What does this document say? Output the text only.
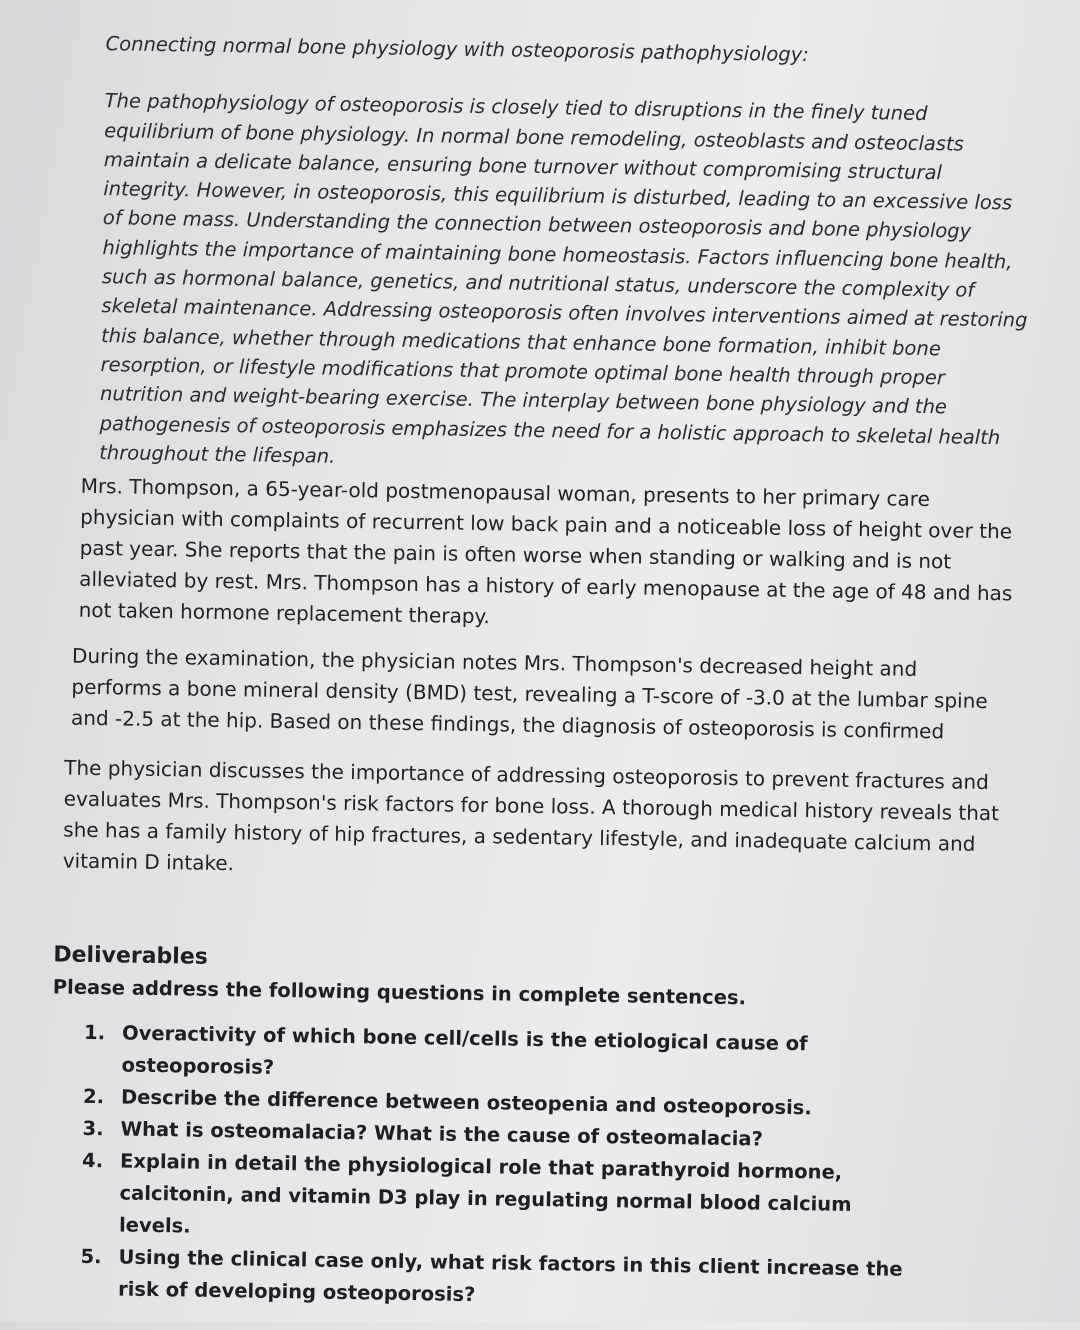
Connecting normal bone physiology with osteoporosis pathophysiology:

The pathophysiology of osteoporosis is closely tied to disruptions in the finely tuned equilibrium of bone physiology. In normal bone remodeling, osteoblasts and osteoclasts maintain a delicate balance, ensuring bone turnover without compromising structural integrity. However, in osteoporosis, this equilibrium is disturbed, leading to an excessive loss of bone mass. Understanding the connection between osteoporosis and bone physiology highlights the importance of maintaining bone homeostasis. Factors influencing bone health, such as hormonal balance, genetics, and nutritional status, underscore the complexity of skeletal maintenance. Addressing osteoporosis often involves interventions aimed at restoring this balance, whether through medications that enhance bone formation, inhibit bone resorption, or lifestyle modifications that promote optimal bone health through proper nutrition and weight-bearing exercise. The interplay between bone physiology and the pathogenesis of osteoporosis emphasizes the need for a holistic approach to skeletal health throughout the lifespan.

Mrs. Thompson, a 65-year-old postmenopausal woman, presents to her primary care physician with complaints of recurrent low back pain and a noticeable loss of height over the past year. She reports that the pain is often worse when standing or walking and is not alleviated by rest. Mrs. Thompson has a history of early menopause at the age of 48 and has not taken hormone replacement therapy.

During the examination, the physician notes Mrs. Thompson's decreased height and performs a bone mineral density (BMD) test, revealing a T-score of -3.0 at the lumbar spine and -2.5 at the hip. Based on these findings, the diagnosis of osteoporosis is confirmed

The physician discusses the importance of addressing osteoporosis to prevent fractures and evaluates Mrs. Thompson's risk factors for bone loss. A thorough medical history reveals that she has a family history of hip fractures, a sedentary lifestyle, and inadequate calcium and vitamin D intake.

Deliverables

Please address the following questions in complete sentences.

1. Overactivity of which bone cell/cells is the etiological cause of osteoporosis?
2. Describe the difference between osteopenia and osteoporosis.
3. What is osteomalacia? What is the cause of osteomalacia?
4. Explain in detail the physiological role that parathyroid hormone, calcitonin, and vitamin D3 play in regulating normal blood calcium levels.
5. Using the clinical case only, what risk factors in this client increase the risk of developing osteoporosis?
